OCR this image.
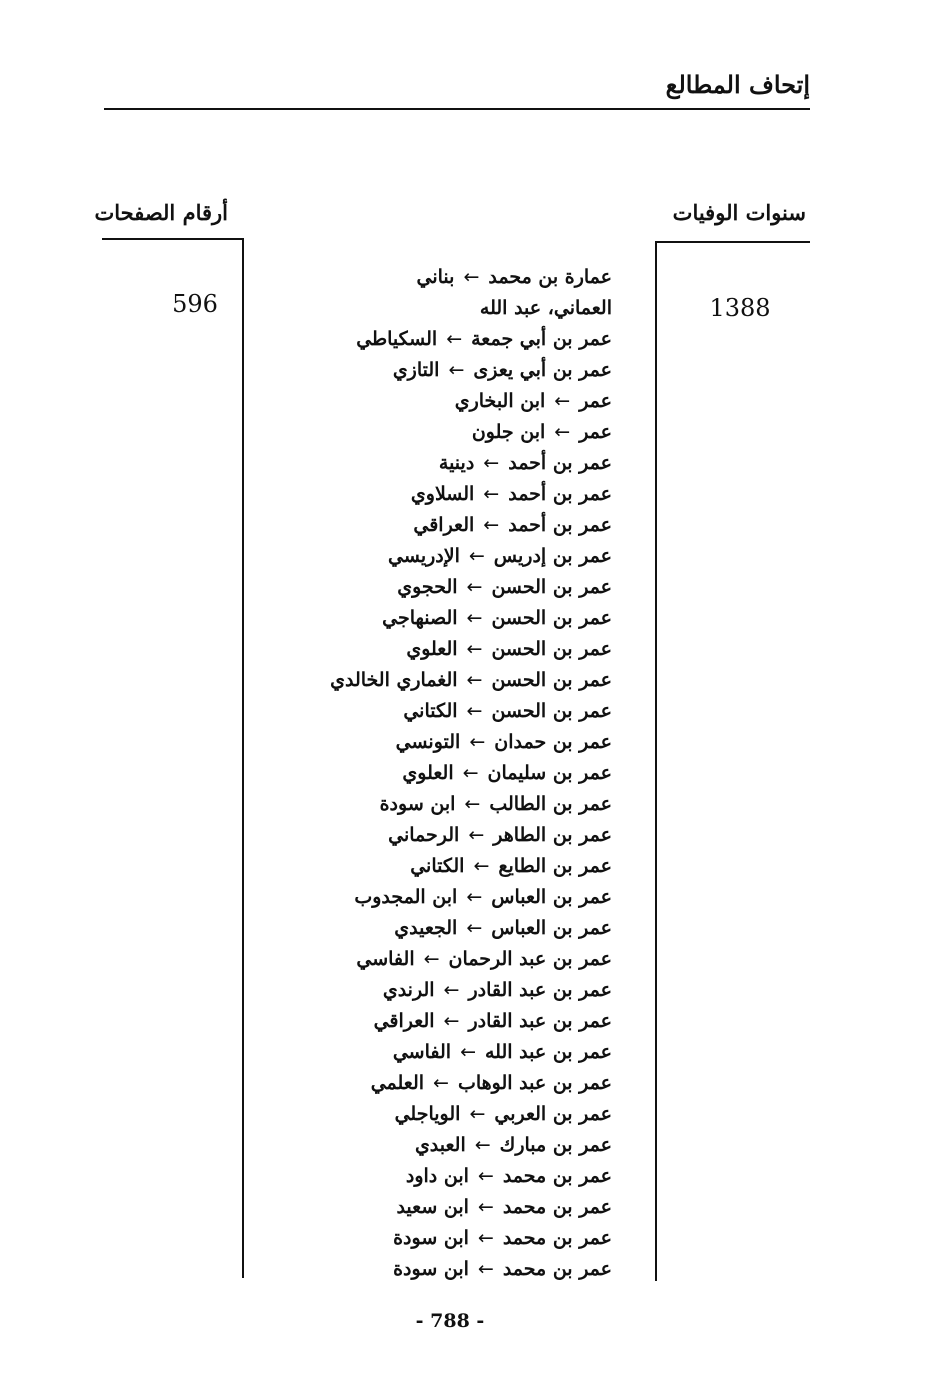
إتحاف المطالع
أرقام الصفحات	سنوات الوفيات
596	1388
عمارة بن محمد←بناني
العماني، عبد الله
عمر بن أبي جمعة←السكياطي
عمر بن أبي يعزى←التازي
عمر←ابن البخاري
عمر←ابن جلون
عمر بن أحمد←دينية
عمر بن أحمد←السلاوي
عمر بن أحمد←العراقي
عمر بن إدريس←الإدريسي
عمر بن الحسن←الحجوي
عمر بن الحسن←الصنهاجي
عمر بن الحسن←العلوي
عمر بن الحسن←الغماري الخالدي
عمر بن الحسن←الكتاني
عمر بن حمدان←التونسي
عمر بن سليمان←العلوي
عمر بن الطالب←ابن سودة
عمر بن الطاهر←الرحماني
عمر بن الطايع←الكتاني
عمر بن العباس←ابن المجدوب
عمر بن العباس←الجعيدي
عمر بن عبد الرحمان←الفاسي
عمر بن عبد القادر←الرندي
عمر بن عبد القادر←العراقي
عمر بن عبد الله←الفاسي
عمر بن عبد الوهاب←العلمي
عمر بن العربي←الوياجلي
عمر بن مبارك←العبدي
عمر بن محمد←ابن داود
عمر بن محمد←ابن سعيد
عمر بن محمد←ابن سودة
عمر بن محمد←ابن سودة
- 788 -
